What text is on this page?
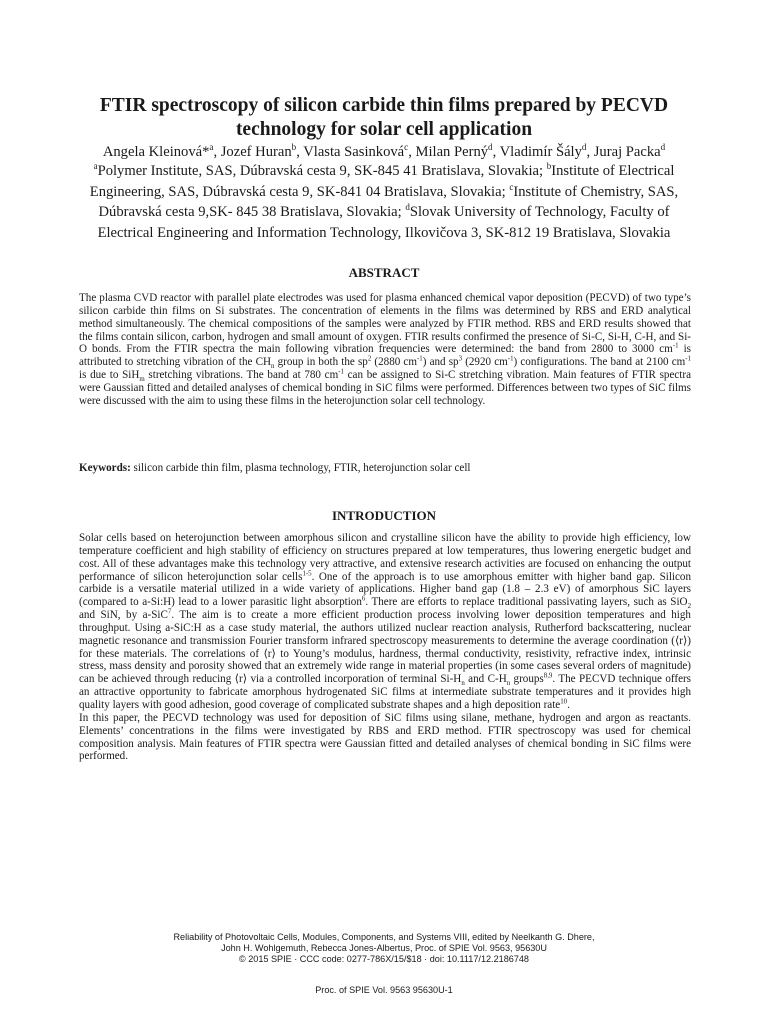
FTIR spectroscopy of silicon carbide thin films prepared by PECVD
technology for solar cell application
Angela Kleinová*$^a$, Jozef Huran$^b$, Vlasta Sasinková$^c$, Milan Perný$^d$, Vladimír Šály$^d$, Juraj Packa$^d$
$^a$Polymer Institute, SAS, Dúbravská cesta 9, SK-845 41 Bratislava, Slovakia; $^b$Institute of Electrical
Engineering, SAS, Dúbravská cesta 9, SK-841 04 Bratislava, Slovakia; $^c$Institute of Chemistry, SAS,
Dúbravská cesta 9,SK- 845 38 Bratislava, Slovakia; $^d$Slovak University of Technology, Faculty of
Electrical Engineering and Information Technology, Ilkovičova 3, SK-812 19 Bratislava, Slovakia
ABSTRACT

The plasma CVD reactor with parallel plate electrodes was used for plasma enhanced chemical vapor deposition (PECVD) of two type’s silicon carbide thin films on Si substrates. The concentration of elements in the films was determined by RBS and ERD analytical method simultaneously. The chemical compositions of the samples were analyzed by FTIR method. RBS and ERD results showed that the films contain silicon, carbon, hydrogen and small amount of oxygen. FTIR results confirmed the presence of Si-C, Si-H, C-H, and Si-O bonds. From the FTIR spectra the main following vibration frequencies were determined: the band from 2800 to 3000 $cm^{-1}$ is attributed to stretching vibration of the $CH_n$ group in both the $sp^2$ (2880 $cm^{-1}$) and $sp^3$ (2920 $cm^{-1}$) configurations. The band at 2100 $cm^{-1}$ is due to SiH$_m$ stretching vibrations. The band at 780 $cm^{-1}$ can be assigned to Si-C stretching vibration. Main features of FTIR spectra were Gaussian fitted and detailed analyses of chemical bonding in SiC films were performed. Differences between two types of SiC films were discussed with the aim to using these films in the heterojunction solar cell technology.

Keywords: silicon carbide thin film, plasma technology, FTIR, heterojunction solar cell
INTRODUCTION

Solar cells based on heterojunction between amorphous silicon and crystalline silicon have the ability to provide high efficiency, low temperature coefficient and high stability of efficiency on structures prepared at low temperatures, thus lowering energetic budget and cost. All of these advantages make this technology very attractive, and extensive research activities are focused on enhancing the output performance of silicon heterojunction solar cells$^{1-5}$. One of the approach is to use amorphous emitter with higher band gap. Silicon carbide is a versatile material utilized in a wide variety of applications. Higher band gap (1.8 – 2.3 eV) of amorphous SiC layers (compared to a-Si:H) lead to a lower parasitic light absorption$^6$. There are efforts to replace traditional passivating layers, such as SiO$_2$ and SiN, by a-SiC$^7$. The aim is to create a more efficient production process involving lower deposition temperatures and high throughput. Using a-SiC:H as a case study material, the authors utilized nuclear reaction analysis, Rutherford backscattering, nuclear magnetic resonance and transmission Fourier transform infrared spectroscopy measurements to determine the average coordination (⟨r⟩) for these materials. The correlations of ⟨r⟩ to Young’s modulus, hardness, thermal conductivity, resistivity, refractive index, intrinsic stress, mass density and porosity showed that an extremely wide range in material properties (in some cases several orders of magnitude) can be achieved through reducing ⟨r⟩ via a controlled incorporation of terminal $Si-H_n$ and $C-H_n$ groups$^{8,9}$. The PECVD technique offers an attractive opportunity to fabricate amorphous hydrogenated SiC films at intermediate substrate temperatures and it provides high quality layers with good adhesion, good coverage of complicated substrate shapes and a high deposition rate$^{10}$.

In this paper, the PECVD technology was used for deposition of SiC films using silane, methane, hydrogen and argon as reactants. Elements’ concentrations in the films were investigated by RBS and ERD method. FTIR spectroscopy was used for chemical composition analysis. Main features of FTIR spectra were Gaussian fitted and detailed analyses of chemical bonding in SiC films were performed.

Reliability of Photovoltaic Cells, Modules, Components, and Systems VIII, edited by Neelkanth G. Dhere,
John H. Wohlgemuth, Rebecca Jones-Albertus, Proc. of SPIE Vol. 9563, 95630U
© 2015 SPIE · CCC code: 0277-786X/15/$18 · doi: 10.1117/12.2186748
Proc. of SPIE Vol. 9563 95630U-1
